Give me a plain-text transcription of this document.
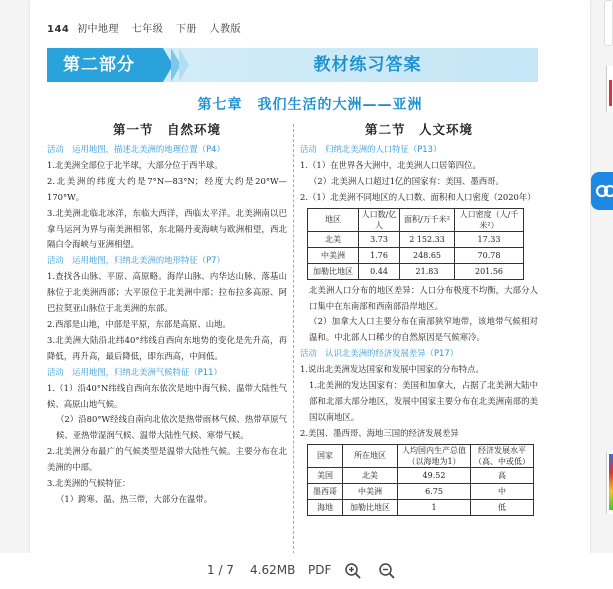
144 初中地理 七年级 下册 人教版
第二部分	教材练习答案
第七章　我们生活的大洲——亚洲
第一节　自然环境
活动　运用地图，描述北美洲的地理位置（P4）
1.北美洲全部位于北半球，大部分位于西半球。
2.北美洲的纬度大约是7°N—83°N；经度大约是20°W—170°W。
3.北美洲北临北冰洋，东临大西洋，西临太平洋。北美洲南以巴拿马运河为界与南美洲相邻，东北隔丹麦海峡与欧洲相望，西北隔白令海峡与亚洲相望。
活动　运用地图，归纳北美洲的地形特征（P7）
1.查找各山脉、平原、高原略。海岸山脉、内华达山脉、落基山脉位于北美洲西部；大平原位于北美洲中部；拉布拉多高原、阿巴拉契亚山脉位于北美洲的东部。
2.西部是山地，中部是平原，东部是高原、山地。
3.北美洲大陆沿北纬40°纬线自西向东地势的变化是先升高，再降低，再升高，最后降低，即东西高，中间低。
活动　运用地图，归纳北美洲气候特征（P11）
1.（1）沿40°N纬线自西向东依次是地中海气候、温带大陆性气候、高原山地气候。
（2）沿80°W经线自南向北依次是热带雨林气候、热带草原气候、亚热带湿润气候、温带大陆性气候、寒带气候。
2.北美洲分布最广的气候类型是温带大陆性气候。主要分布在北美洲的中部。
3.北美洲的气候特征：
（1）跨寒、温、热三带，大部分在温带。
第二节　人文环境
活动　归纳北美洲的人口特征（P13）
1.（1）在世界各大洲中，北美洲人口居第四位。
（2）北美洲人口超过1亿的国家有：美国、墨西哥。
2.（1）北美洲不同地区的人口数、面积和人口密度（2020年）
地区	人口数/亿人	面积/万千米²	人口密度（人/千米²）
北美	3.73	2 152.33	17.33
中美洲	1.76	248.65	70.78
加勒比地区	0.44	21.83	201.56
北美洲人口分布的地区差异：人口分布极度不均衡，大部分人口集中在东南部和西南部沿岸地区。
（2）加拿大人口主要分布在南部狭窄地带，该地带气候相对温和。中北部人口稀少的自然原因是气候寒冷。
活动　认识北美洲的经济发展差异（P17）
1.说出北美洲发达国家和发展中国家的分布特点。
1.北美洲的发达国家有：美国和加拿大，占据了北美洲大陆中部和北部大部分地区，发展中国家主要分布在北美洲南部的美国以南地区。
2.美国、墨西哥、海地三国的经济发展差异
国家	所在地区	人均国内生产总值（以海地为1）	经济发展水平（高、中或低）
美国	北美	49.52	高
墨西哥	中美洲	6.75	中
海地	加勒比地区	1	低
1 / 7 4.62MB PDF
